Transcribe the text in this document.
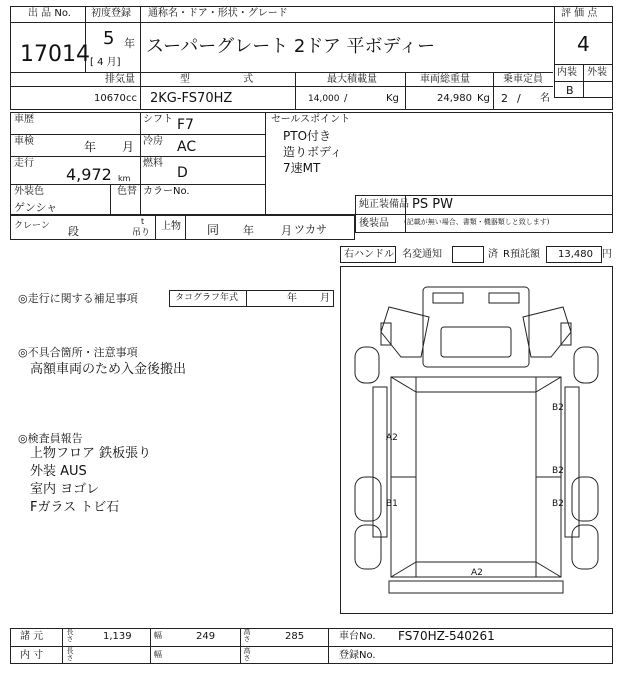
出 品 No.
17014
初度登録
5 年
[ 4 月]
通称名・ドア・形状・グレード
スーパーグレート 2ドア 平ボディー
評 価 点
4
内装 外装
B
排気量
10670 cc
型 式
2KG-FS70HZ
最大積載量
14,000 /	Kg
車両総重量
24,980 Kg
乗車定員
2 / 名
車歴
車検	年 月
走行
4,972 km
シフト F7
冷房 AC
燃料
D
外装色
ゲンシャ
色替 カラーNo.
セールスポイント
PTO付き
造りボディ
7速MT
純正装備品 PS PW
後装品 (記載が無い場合、書類・機器類しと致します)
クレーン 段
t
吊り
上物 同 年 月 ツカサ
右ハンドル 名変通知	済 R預託額 13,480 円
◎走行に関する補足事項	タコグラフ年式	年 月
◎不具合箇所・注意事項
高額車両のため入金後搬出
◎検査員報告
上物フロア 鉄板張り
外装 AUS
室内 ヨゴレ
Fガラス トビ石
B2
A2
B2
B1	B2
A2
諸 元	長さ	1,139	幅	249	高さ	285	車台No. FS70HZ-540261
内 寸	長さ	幅	高さ	登録No.
